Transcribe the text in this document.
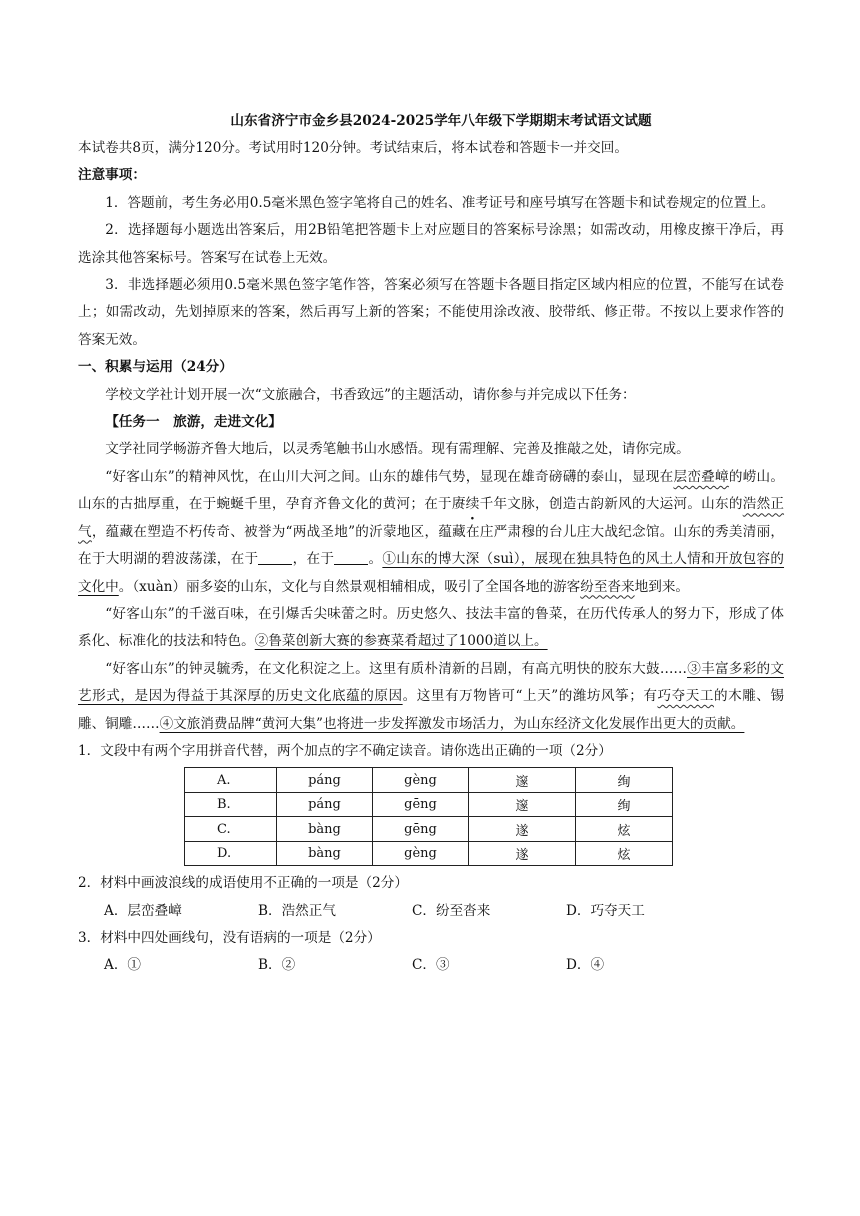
山东省济宁市金乡县2024-2025学年八年级下学期期末考试语文试题

本试卷共8页，满分120分。考试用时120分钟。考试结束后，将本试卷和答题卡一并交回。

注意事项：

1．答题前，考生务必用0.5毫米黑色签字笔将自己的姓名、准考证号和座号填写在答题卡和试卷规定的位置上。

2．选择题每小题选出答案后，用2B铅笔把答题卡上对应题目的答案标号涂黑；如需改动，用橡皮擦干净后，再选涂其他答案标号。答案写在试卷上无效。

3．非选择题必须用0.5毫米黑色签字笔作答，答案必须写在答题卡各题目指定区域内相应的位置，不能写在试卷上；如需改动，先划掉原来的答案，然后再写上新的答案；不能使用涂改液、胶带纸、修正带。不按以上要求作答的答案无效。

一、积累与运用（24分）

学校文学社计划开展一次“文旅融合，书香致远”的主题活动，请你参与并完成以下任务：

【任务一　旅游，走进文化】

文学社同学畅游齐鲁大地后，以灵秀笔触书山水感悟。现有需理解、完善及推敲之处，请你完成。

“好客山东”的精神风忱，在山川大河之间。山东的雄伟气势，显现在雄奇磅礴的泰山，显现在层峦叠嶂的崂山。山东的古拙厚重，在于蜿蜒千里，孕育齐鲁文化的黄河；在于赓续千年文脉，创造古韵新风的大运河。山东的浩然正气，蕴藏在塑造不朽传奇、被誉为“两战圣地”的沂蒙地区，蕴藏在庄严肃穆的台儿庄大战纪念馆。山东的秀美清丽，在于大明湖的碧波荡漾，在于	，在于	。①山东的博大深（suì），展现在独具特色的风土人情和开放包容的文化中。（xuàn）丽多姿的山东，文化与自然景观相辅相成，吸引了全国各地的游客纷至沓来地到来。

“好客山东”的千滋百味，在引爆舌尖味蕾之时。历史悠久、技法丰富的鲁菜，在历代传承人的努力下，形成了体系化、标准化的技法和特色。②鲁菜创新大赛的参赛菜肴超过了1000道以上。

“好客山东”的钟灵毓秀，在文化积淀之上。这里有质朴清新的吕剧，有高亢明快的胶东大鼓……③丰富多彩的文艺形式，是因为得益于其深厚的历史文化底蕴的原因。这里有万物皆可“上天”的潍坊风筝；有巧夺天工的木雕、锡雕、铜雕……④文旅消费品牌“黄河大集”也将进一步发挥激发市场活力，为山东经济文化发展作出更大的贡献。

1．文段中有两个字用拼音代替，两个加点的字不确定读音。请你选出正确的一项（2分）

A.	páng	gèng	邃	绚
B.	páng	gēng	邃	绚
C.	bàng	gēng	遂	炫
D.	bàng	gèng	遂	炫

2．材料中画波浪线的成语使用不正确的一项是（2分）

A．层峦叠嶂	B．浩然正气	C．纷至沓来	D．巧夺天工

3．材料中四处画线句，没有语病的一项是（2分）

A．①	B．②	C．③	D．④
